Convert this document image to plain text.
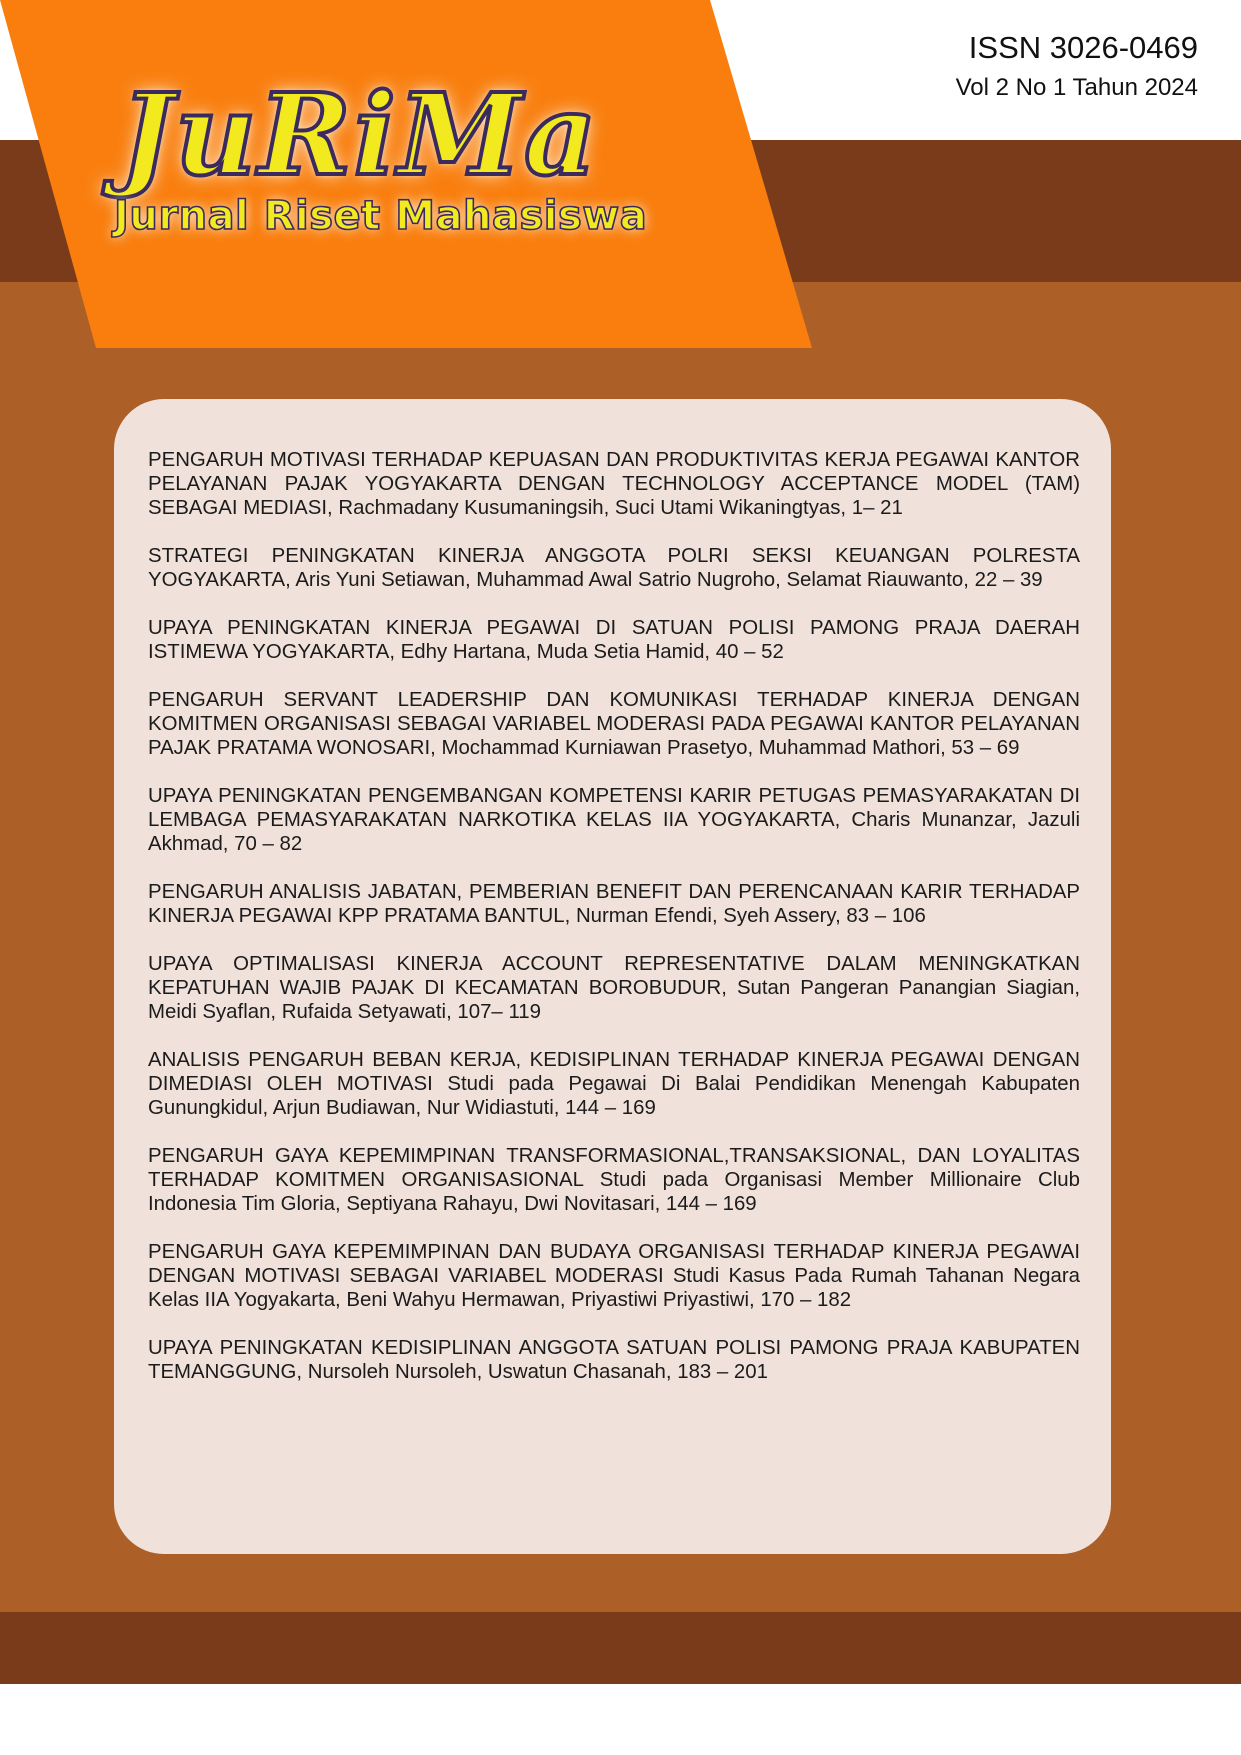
JuRiMa
Jurnal Riset Mahasiswa
ISSN 3026-0469
Vol 2 No 1 Tahun 2024
PENGARUH MOTIVASI TERHADAP KEPUASAN DAN PRODUKTIVITAS KERJA PEGAWAI KANTOR PELAYANAN PAJAK YOGYAKARTA DENGAN TECHNOLOGY ACCEPTANCE MODEL (TAM) SEBAGAI MEDIASI, Rachmadany Kusumaningsih, Suci Utami Wikaningtyas, 1– 21
STRATEGI PENINGKATAN KINERJA ANGGOTA POLRI SEKSI KEUANGAN POLRESTA YOGYAKARTA, Aris Yuni Setiawan, Muhammad Awal Satrio Nugroho, Selamat Riauwanto, 22 – 39
UPAYA PENINGKATAN KINERJA PEGAWAI DI SATUAN POLISI PAMONG PRAJA DAERAH ISTIMEWA YOGYAKARTA, Edhy Hartana, Muda Setia Hamid, 40 – 52
PENGARUH SERVANT LEADERSHIP DAN KOMUNIKASI TERHADAP KINERJA DENGAN KOMITMEN ORGANISASI SEBAGAI VARIABEL MODERASI PADA PEGAWAI KANTOR PELAYANAN PAJAK PRATAMA WONOSARI, Mochammad Kurniawan Prasetyo, Muhammad Mathori, 53 – 69
UPAYA PENINGKATAN PENGEMBANGAN KOMPETENSI KARIR PETUGAS PEMASYARAKATAN DI LEMBAGA PEMASYARAKATAN NARKOTIKA KELAS IIA YOGYAKARTA, Charis Munanzar, Jazuli Akhmad, 70 – 82
PENGARUH ANALISIS JABATAN, PEMBERIAN BENEFIT DAN PERENCANAAN KARIR TERHADAP KINERJA PEGAWAI KPP PRATAMA BANTUL, Nurman Efendi, Syeh Assery, 83 – 106
UPAYA OPTIMALISASI KINERJA ACCOUNT REPRESENTATIVE DALAM MENINGKATKAN KEPATUHAN WAJIB PAJAK DI KECAMATAN BOROBUDUR, Sutan Pangeran Panangian Siagian, Meidi Syaflan, Rufaida Setyawati, 107– 119
ANALISIS PENGARUH BEBAN KERJA, KEDISIPLINAN TERHADAP KINERJA PEGAWAI DENGAN DIMEDIASI OLEH MOTIVASI Studi pada Pegawai Di Balai Pendidikan Menengah Kabupaten Gunungkidul, Arjun Budiawan, Nur Widiastuti, 144 – 169
PENGARUH GAYA KEPEMIMPINAN TRANSFORMASIONAL,TRANSAKSIONAL, DAN LOYALITAS TERHADAP KOMITMEN ORGANISASIONAL Studi pada Organisasi Member Millionaire Club Indonesia Tim Gloria, Septiyana Rahayu, Dwi Novitasari, 144 – 169
PENGARUH GAYA KEPEMIMPINAN DAN BUDAYA ORGANISASI TERHADAP KINERJA PEGAWAI DENGAN MOTIVASI SEBAGAI VARIABEL MODERASI Studi Kasus Pada Rumah Tahanan Negara Kelas IIA Yogyakarta, Beni Wahyu Hermawan, Priyastiwi Priyastiwi, 170 – 182
UPAYA PENINGKATAN KEDISIPLINAN ANGGOTA SATUAN POLISI PAMONG PRAJA KABUPATEN TEMANGGUNG, Nursoleh Nursoleh, Uswatun Chasanah, 183 – 201
